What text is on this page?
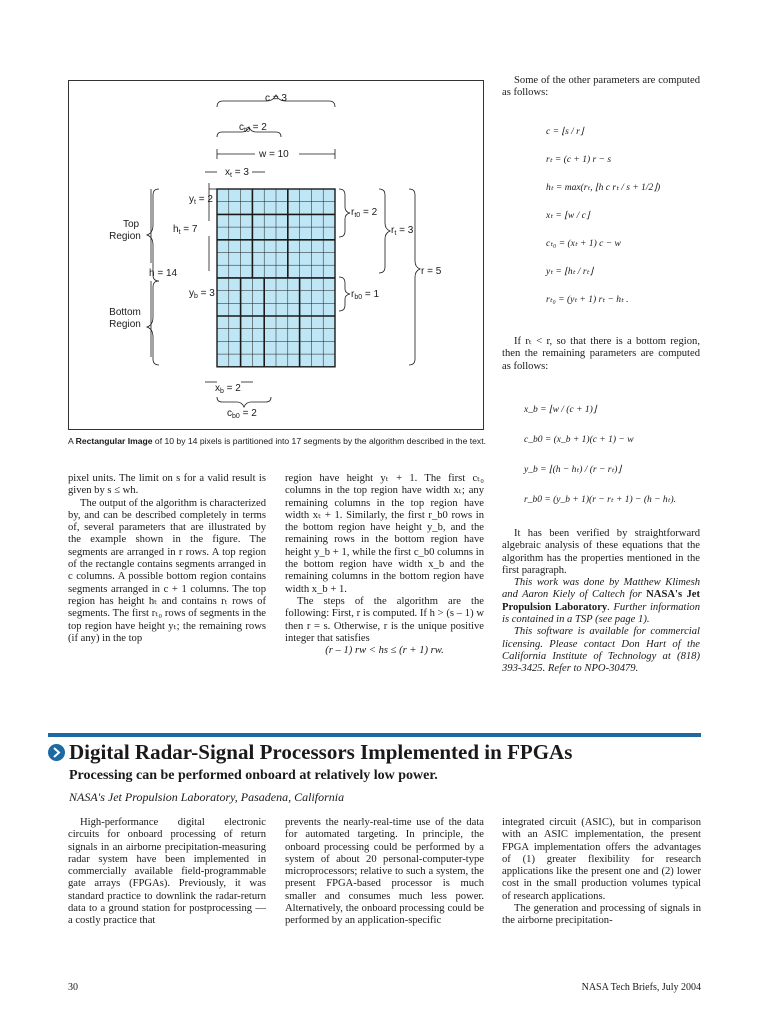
c = 3
$c_{t0} = 2$
w = 10
$x_t = 3$
$y_t = 2$
$h_t = 7$
h = 14
$y_b = 3$
$r_{t0} = 2$
$r_t = 3$
r = 5
$r_{b0} = 1$
$x_b = 2$
$c_{b0} = 2$
Top
Region
Bottom
Region
A Rectangular Image of 10 by 14 pixels is partitioned into 17 segments by the algorithm described in the text.

pixel units. The limit on s for a valid result is given by s ≤ wh.

The output of the algorithm is characterized by, and can be described completely in terms of, several parameters that are illustrated by the example shown in the figure. The segments are arranged in r rows. A top region of the rectangle contains segments arranged in c columns. A possible bottom region contains segments arranged in c + 1 columns. The top region has height hₜ and contains rₜ rows of segments. The first rₜ₀ rows of segments in the top region have height yₜ; the remaining rows (if any) in the top

region have height yₜ + 1. The first cₜ₀ columns in the top region have width xₜ; any remaining columns in the top region have width xₜ + 1. Similarly, the first r_b0 rows in the bottom region have height y_b, and the remaining rows in the bottom region have height y_b + 1, while the first c_b0 columns in the bottom region have width x_b and the remaining columns in the bottom region have width x_b + 1.

The steps of the algorithm are the following: First, r is computed. If h > (s – 1) w then r = s. Otherwise, r is the unique positive integer that satisfies

(r – 1) rw < hs ≤ (r + 1) rw.

Some of the other parameters are computed as follows:

c = ⌊s / r⌋
rₜ = (c + 1) r − s
hₜ = max(rₜ, ⌊h c rₜ / s + 1/2⌋)
xₜ = ⌊w / c⌋
cₜ₀ = (xₜ + 1) c − w
yₜ = ⌊hₜ / rₜ⌋
rₜ₀ = (yₜ + 1) rₜ − hₜ .

If rₜ < r, so that there is a bottom region, then the remaining parameters are computed as follows:

x_b = ⌊w / (c + 1)⌋
c_b0 = (x_b + 1)(c + 1) − w
y_b = ⌊(h − hₜ) / (r − rₜ)⌋
r_b0 = (y_b + 1)(r − rₜ + 1) − (h − hₜ).

It has been verified by straightforward algebraic analysis of these equations that the algorithm has the properties mentioned in the first paragraph.

This work was done by Matthew Klimesh and Aaron Kiely of Caltech for NASA's Jet Propulsion Laboratory. Further information is contained in a TSP (see page 1).

This software is available for commercial licensing. Please contact Don Hart of the California Institute of Technology at (818) 393-3425. Refer to NPO-30479.

Digital Radar-Signal Processors Implemented in FPGAs
Processing can be performed onboard at relatively low power.
NASA's Jet Propulsion Laboratory, Pasadena, California

High-performance digital electronic circuits for onboard processing of return signals in an airborne precipitation-measuring radar system have been implemented in commercially available field-programmable gate arrays (FPGAs). Previously, it was standard practice to downlink the radar-return data to a ground station for postprocessing — a costly practice that

prevents the nearly-real-time use of the data for automated targeting. In principle, the onboard processing could be performed by a system of about 20 personal-computer-type microprocessors; relative to such a system, the present FPGA-based processor is much smaller and consumes much less power. Alternatively, the onboard processing could be performed by an application-specific

integrated circuit (ASIC), but in comparison with an ASIC implementation, the present FPGA implementation offers the advantages of (1) greater flexibility for research applications like the present one and (2) lower cost in the small production volumes typical of research applications.

The generation and processing of signals in the airborne precipitation-

30	NASA Tech Briefs, July 2004
